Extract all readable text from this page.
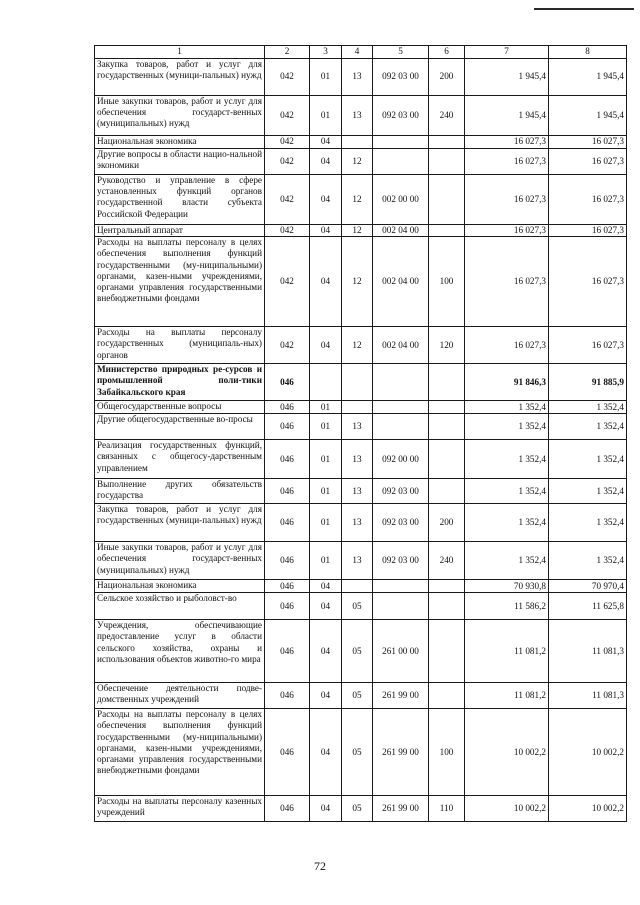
1	2	3	4	5	6	7	8
Закупка товаров, работ и услуг для государственных (муници-пальных) нужд	042	01	13	092 03 00	200	1 945,4	1 945,4
Иные закупки товаров, работ и услуг для обеспечения государст-венных (муниципальных) нужд	042	01	13	092 03 00	240	1 945,4	1 945,4
Национальная экономика	042	04				16 027,3	16 027,3
Другие вопросы в области нацио-нальной экономики	042	04	12			16 027,3	16 027,3
Руководство и управление в сфере установленных функций органов государственной власти субъекта Российской Федерации	042	04	12	002 00 00		16 027,3	16 027,3
Центральный аппарат	042	04	12	002 04 00		16 027,3	16 027,3
Расходы на выплаты персоналу в целях обеспечения выполнения функций государственными (му-ниципальными) органами, казен-ными учреждениями, органами управления государственными внебюджетными фондами	042	04	12	002 04 00	100	16 027,3	16 027,3
Расходы на выплаты персоналу государственных (муниципаль-ных) органов	042	04	12	002 04 00	120	16 027,3	16 027,3
Министерство природных ре-сурсов и промышленной поли-тики Забайкальского края	046					91 846,3	91 885,9
Общегосударственные вопросы	046	01				1 352,4	1 352,4
Другие общегосударственные во-просы	046	01	13			1 352,4	1 352,4
Реализация государственных функций, связанных с общегосу-дарственным управлением	046	01	13	092 00 00		1 352,4	1 352,4
Выполнение других обязательств государства	046	01	13	092 03 00		1 352,4	1 352,4
Закупка товаров, работ и услуг для государственных (муници-пальных) нужд	046	01	13	092 03 00	200	1 352,4	1 352,4
Иные закупки товаров, работ и услуг для обеспечения государст-венных (муниципальных) нужд	046	01	13	092 03 00	240	1 352,4	1 352,4
Национальная экономика	046	04				70 930,8	70 970,4
Сельское хозяйство и рыболовст-во	046	04	05			11 586,2	11 625,8
Учреждения, обеспечивающие предоставление услуг в области сельского хозяйства, охраны и использования объектов животно-го мира	046	04	05	261 00 00		11 081,2	11 081,3
Обеспечение деятельности подве-домственных учреждений	046	04	05	261 99 00		11 081,2	11 081,3
Расходы на выплаты персоналу в целях обеспечения выполнения функций государственными (му-ниципальными) органами, казен-ными учреждениями, органами управления государственными внебюджетными фондами	046	04	05	261 99 00	100	10 002,2	10 002,2
Расходы на выплаты персоналу казенных учреждений	046	04	05	261 99 00	110	10 002,2	10 002,2
72
